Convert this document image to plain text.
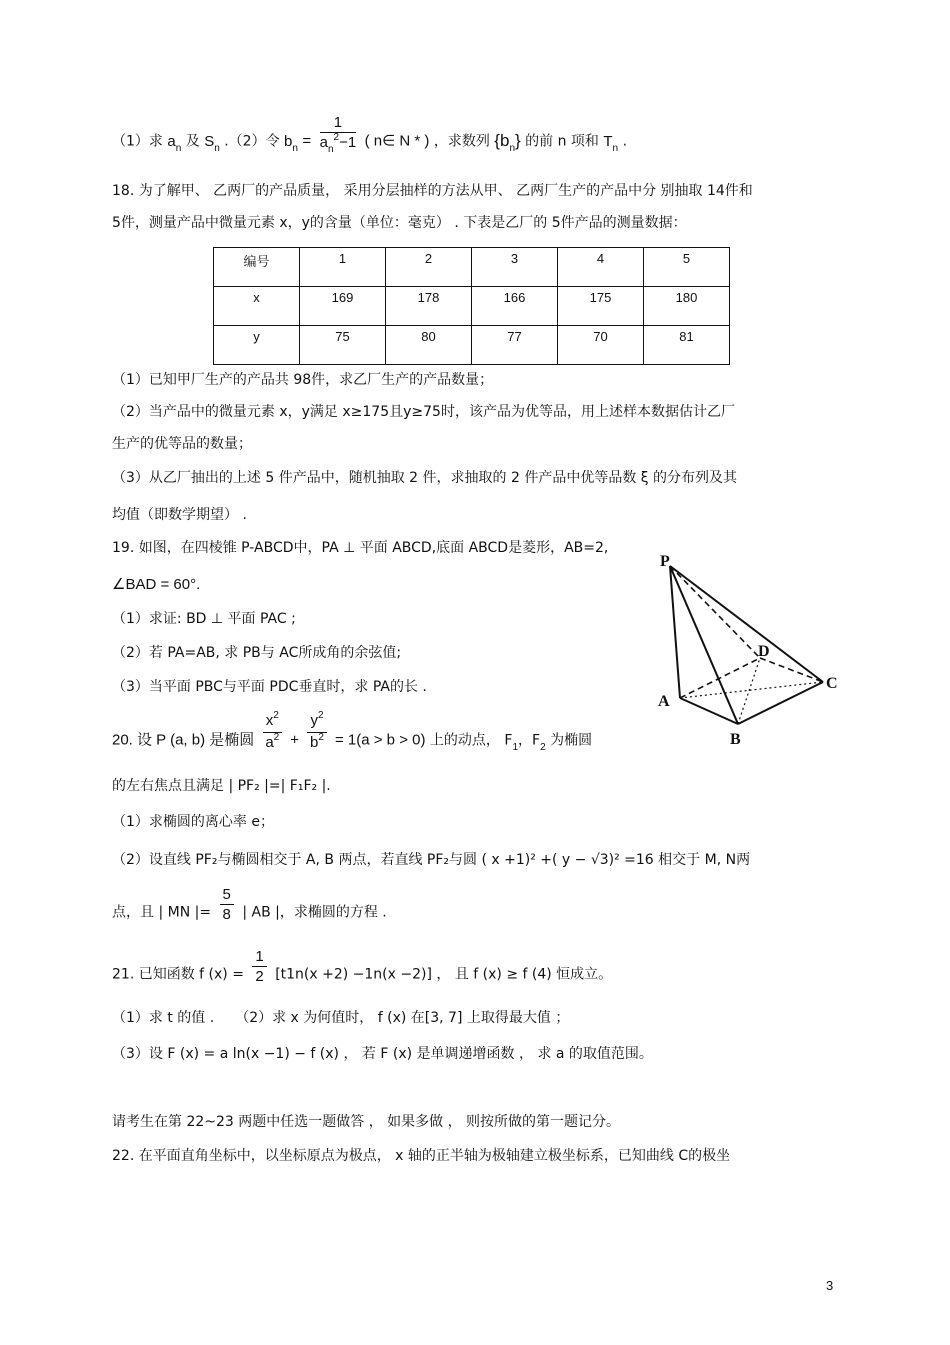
（1）求 $a_n$ 及 $S_n$ .（2）令 $b_n = \frac{1}{a_n^2-1}$ ( n∈ N * ) ，求数列 $\{b_n\}$ 的前 n 项和 $T_n$ .
18. 为了解甲、 乙两厂的产品质量， 采用分层抽样的方法从甲、 乙两厂生产的产品中分 别抽取 14件和
5件，测量产品中微量元素 x，y的含量（单位：毫克） . 下表是乙厂的 5件产品的测量数据：
编号	1	2	3	4	5
x	169	178	166	175	180
y	75	80	77	70	81
（1）已知甲厂生产的产品共 98件，求乙厂生产的产品数量；
（2）当产品中的微量元素 x，y满足 x≥175且y≥75时，该产品为优等品，用上述样本数据估计乙厂
生产的优等品的数量；
（3）从乙厂抽出的上述 5 件产品中，随机抽取 2 件，求抽取的 2 件产品中优等品数 ξ 的分布列及其
均值（即数学期望） .
19. 如图，在四棱锥 P-ABCD中，PA ⊥ 平面 ABCD,底面 ABCD是菱形，AB=2,
∠BAD = 60°.
（1）求证: BD ⊥ 平面 PAC ;
（2）若 PA=AB, 求 PB与 AC所成角的余弦值;
（3）当平面 PBC与平面 PDC垂直时，求 PA的长 .
P
A
B
C
D
20. 设 P (a, b) 是椭圆 $\frac{x^2}{a^2} + \frac{y^2}{b^2} = 1(a > b > 0)$ 上的动点， $F_1$，$F_2$ 为椭圆
的左右焦点且满足 | PF₂ |=| F₁F₂ |.
（1）求椭圆的离心率 e；
（2）设直线 PF₂与椭圆相交于 A, B 两点，若直线 PF₂与圆 ( x +1)² +( y − √3)² =16 相交于 M, N两
点，且 | MN |= $\frac{5}{8}$ | AB |，求椭圆的方程 .
21. 已知函数 f $(x) = \frac{1}{2} [t1n(x +2) -1n(x -2)]$ ， 且 f (x) ≥ f (4) 恒成立。
（1）求 t 的值 .　　（2）求 x 为何值时， f (x) 在[3, 7] 上取得最大值 ；
（3）设 F (x) = a ln(x −1) − f (x) ， 若 F (x) 是单调递增函数 ， 求 a 的取值范围。
请考生在第 22~23 两题中任选一题做答 ， 如果多做 ， 则按所做的第一题记分。
22. 在平面直角坐标中，以坐标原点为极点， x 轴的正半轴为极轴建立极坐标系，已知曲线 C的极坐
3
